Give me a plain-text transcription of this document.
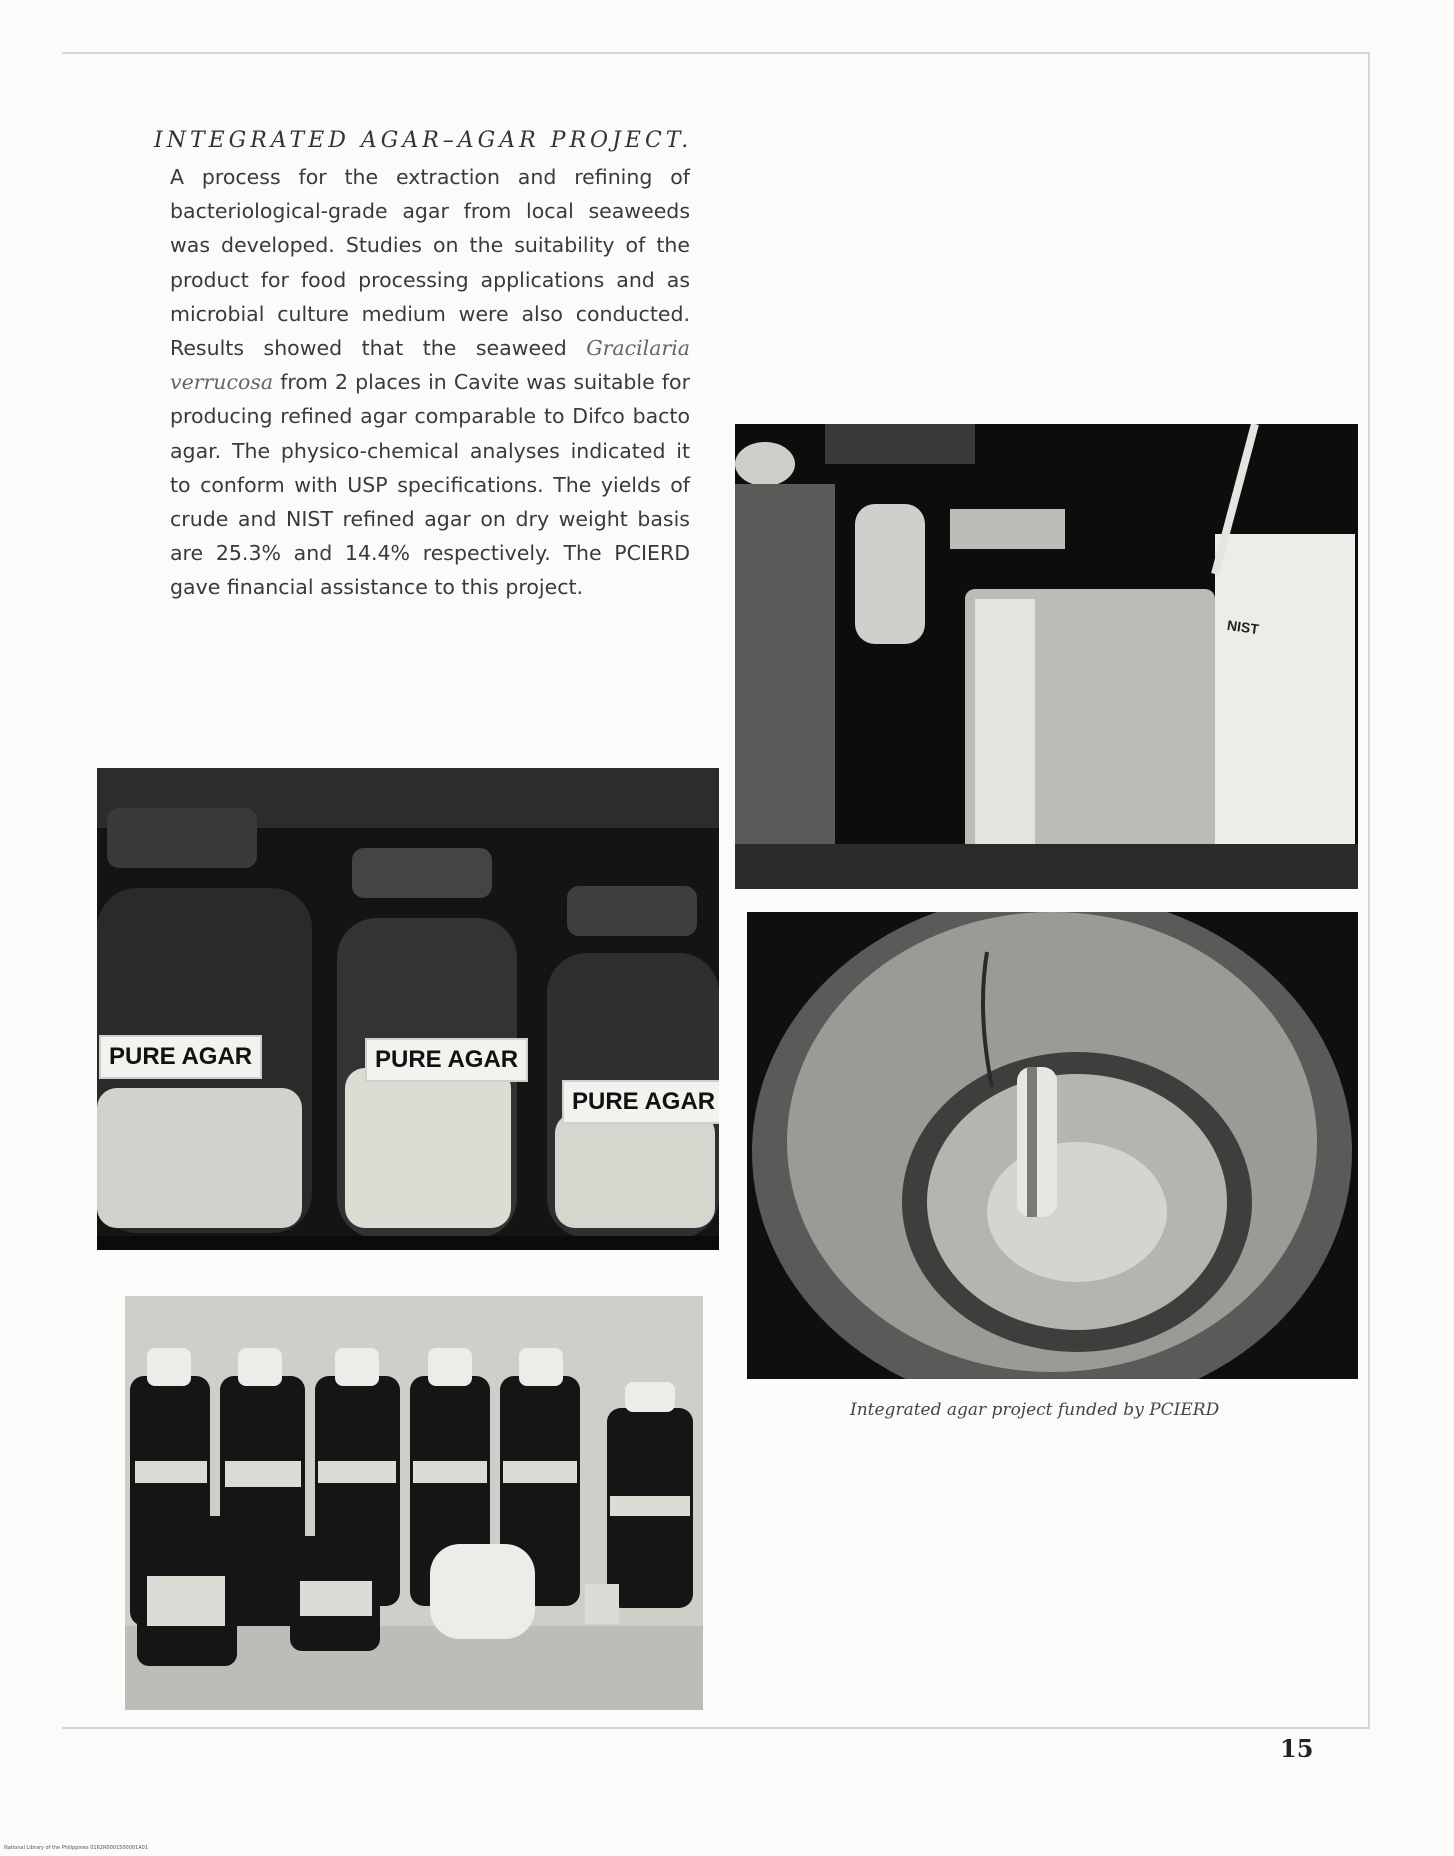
INTEGRATED AGAR–AGAR PROJECT.

A process for the extraction and refining of bacteriological-grade agar from local seaweeds was developed. Studies on the suitability of the product for food processing applications and as microbial culture medium were also conducted. Results showed that the seaweed Gracilaria verrucosa from 2 places in Cavite was suitable for producing refined agar comparable to Difco bacto agar. The physico-chemical analyses indicated it to conform with USP specifications. The yields of crude and NIST refined agar on dry weight basis are 25.3% and 14.4% respectively. The PCIERD gave financial assistance to this project.

PURE AGAR	PURE AGAR
PURE AGAR
NIST
Integrated agar project funded by PCIERD
15
National Library of the Philippines 0162R0001500001A01
